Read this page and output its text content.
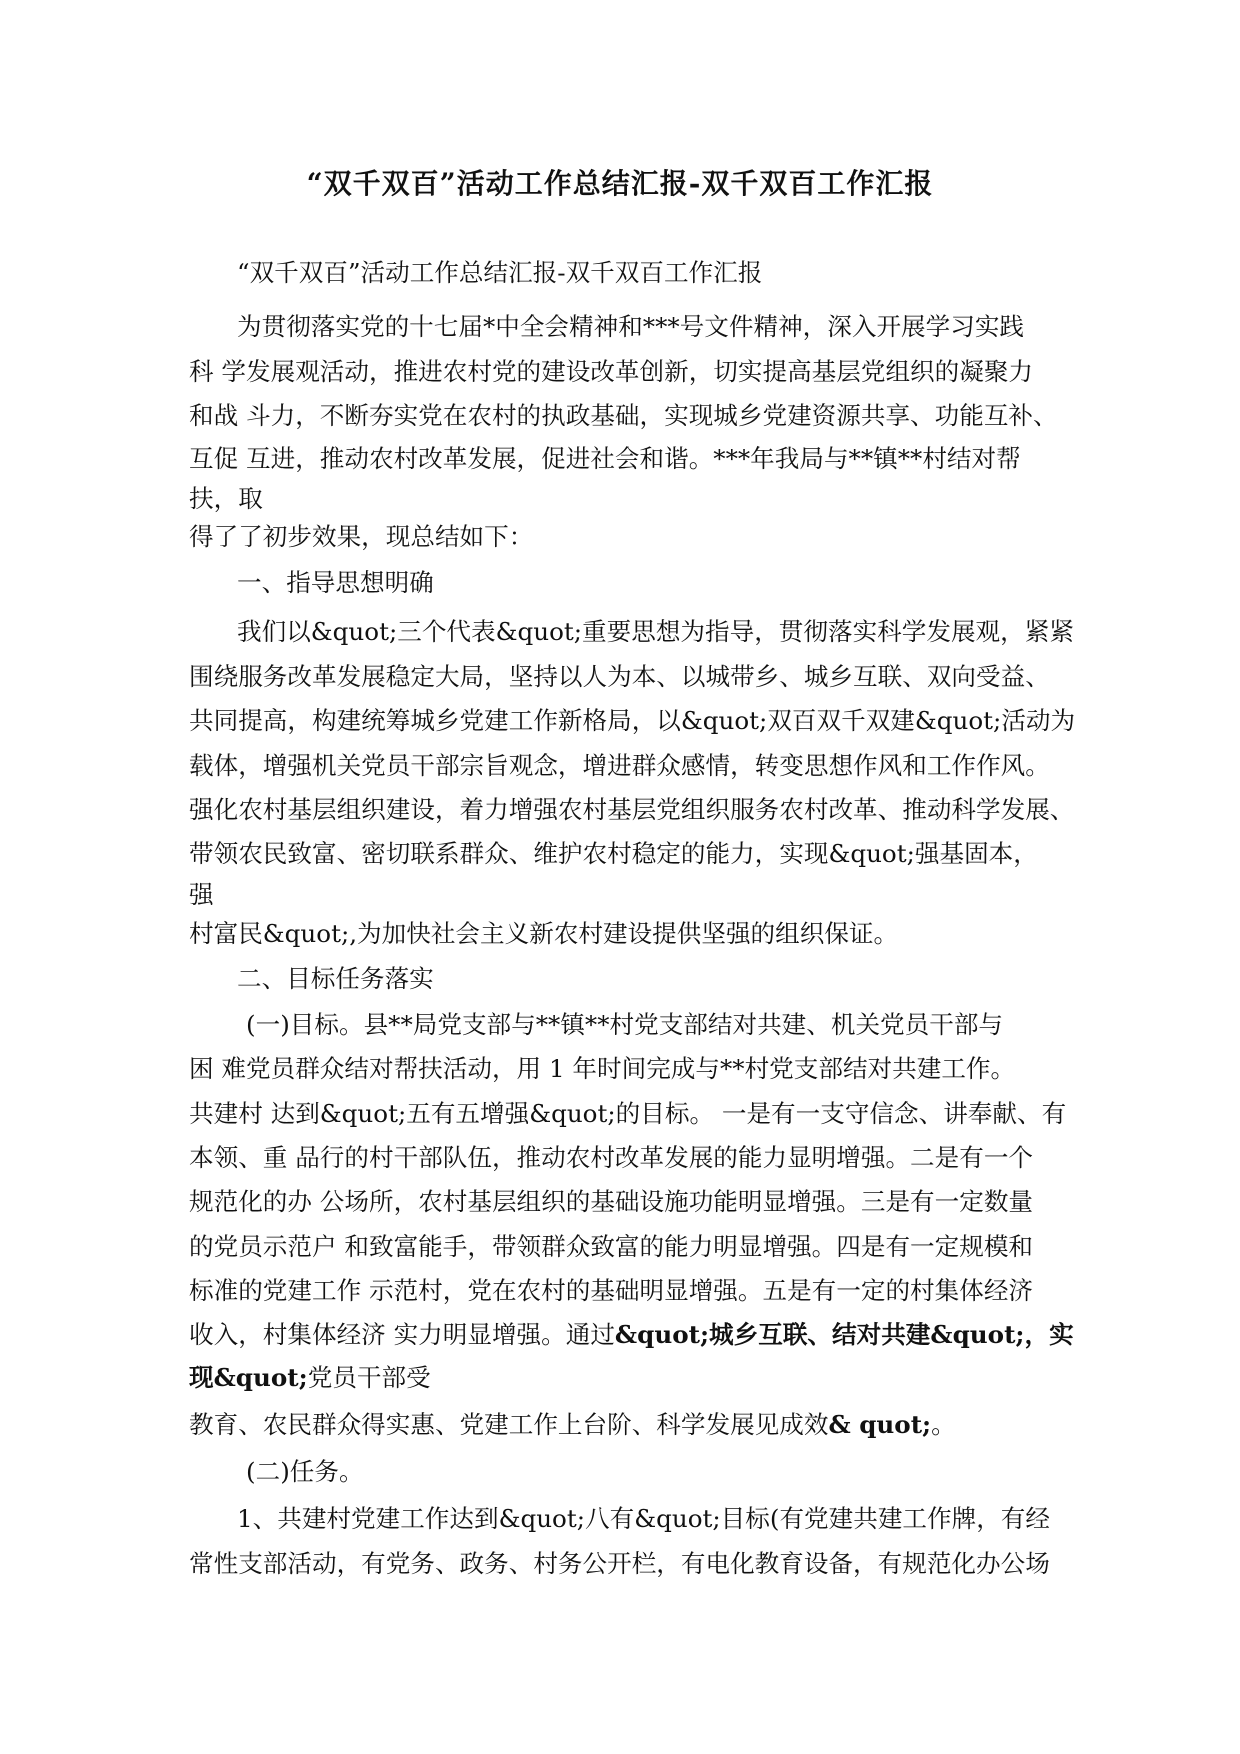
“双千双百”活动工作总结汇报-双千双百工作汇报
“双千双百”活动工作总结汇报-双千双百工作汇报
为贯彻落实党的十七届*中全会精神和***号文件精神，深入开展学习实践
科 学发展观活动，推进农村党的建设改革创新，切实提高基层党组织的凝聚力
和战 斗力，不断夯实党在农村的执政基础，实现城乡党建资源共享、功能互补、
互促 互进，推动农村改革发展，促进社会和谐。***年我局与**镇**村结对帮
扶，取
得了了初步效果，现总结如下：
一、指导思想明确
我们以&quot;三个代表&quot;重要思想为指导，贯彻落实科学发展观，紧紧
围绕服务改革发展稳定大局，坚持以人为本、以城带乡、城乡互联、双向受益、
共同提高，构建统筹城乡党建工作新格局，以&quot;双百双千双建&quot;活动为
载体，增强机关党员干部宗旨观念，增进群众感情，转变思想作风和工作作风。
强化农村基层组织建设，着力增强农村基层党组织服务农村改革、推动科学发展、
带领农民致富、密切联系群众、维护农村稳定的能力，实现&quot;强基固本，
强
村富民&quot;,为加快社会主义新农村建设提供坚强的组织保证。
二、目标任务落实
(一)目标。县**局党支部与**镇**村党支部结对共建、机关党员干部与
困 难党员群众结对帮扶活动，用 1 年时间完成与**村党支部结对共建工作。
共建村 达到&quot;五有五增强&quot;的目标。 一是有一支守信念、讲奉献、有
本领、重 品行的村干部队伍，推动农村改革发展的能力显明增强。二是有一个
规范化的办 公场所，农村基层组织的基础设施功能明显增强。三是有一定数量
的党员示范户 和致富能手，带领群众致富的能力明显增强。四是有一定规模和
标准的党建工作 示范村，党在农村的基础明显增强。五是有一定的村集体经济
收入，村集体经济 实力明显增强。通过&quot;城乡互联、结对共建&quot;，实
现&quot;党员干部受
教育、农民群众得实惠、党建工作上台阶、科学发展见成效& quot;。
(二)任务。
1、共建村党建工作达到&quot;八有&quot;目标(有党建共建工作牌，有经
常性支部活动，有党务、政务、村务公开栏，有电化教育设备，有规范化办公场
